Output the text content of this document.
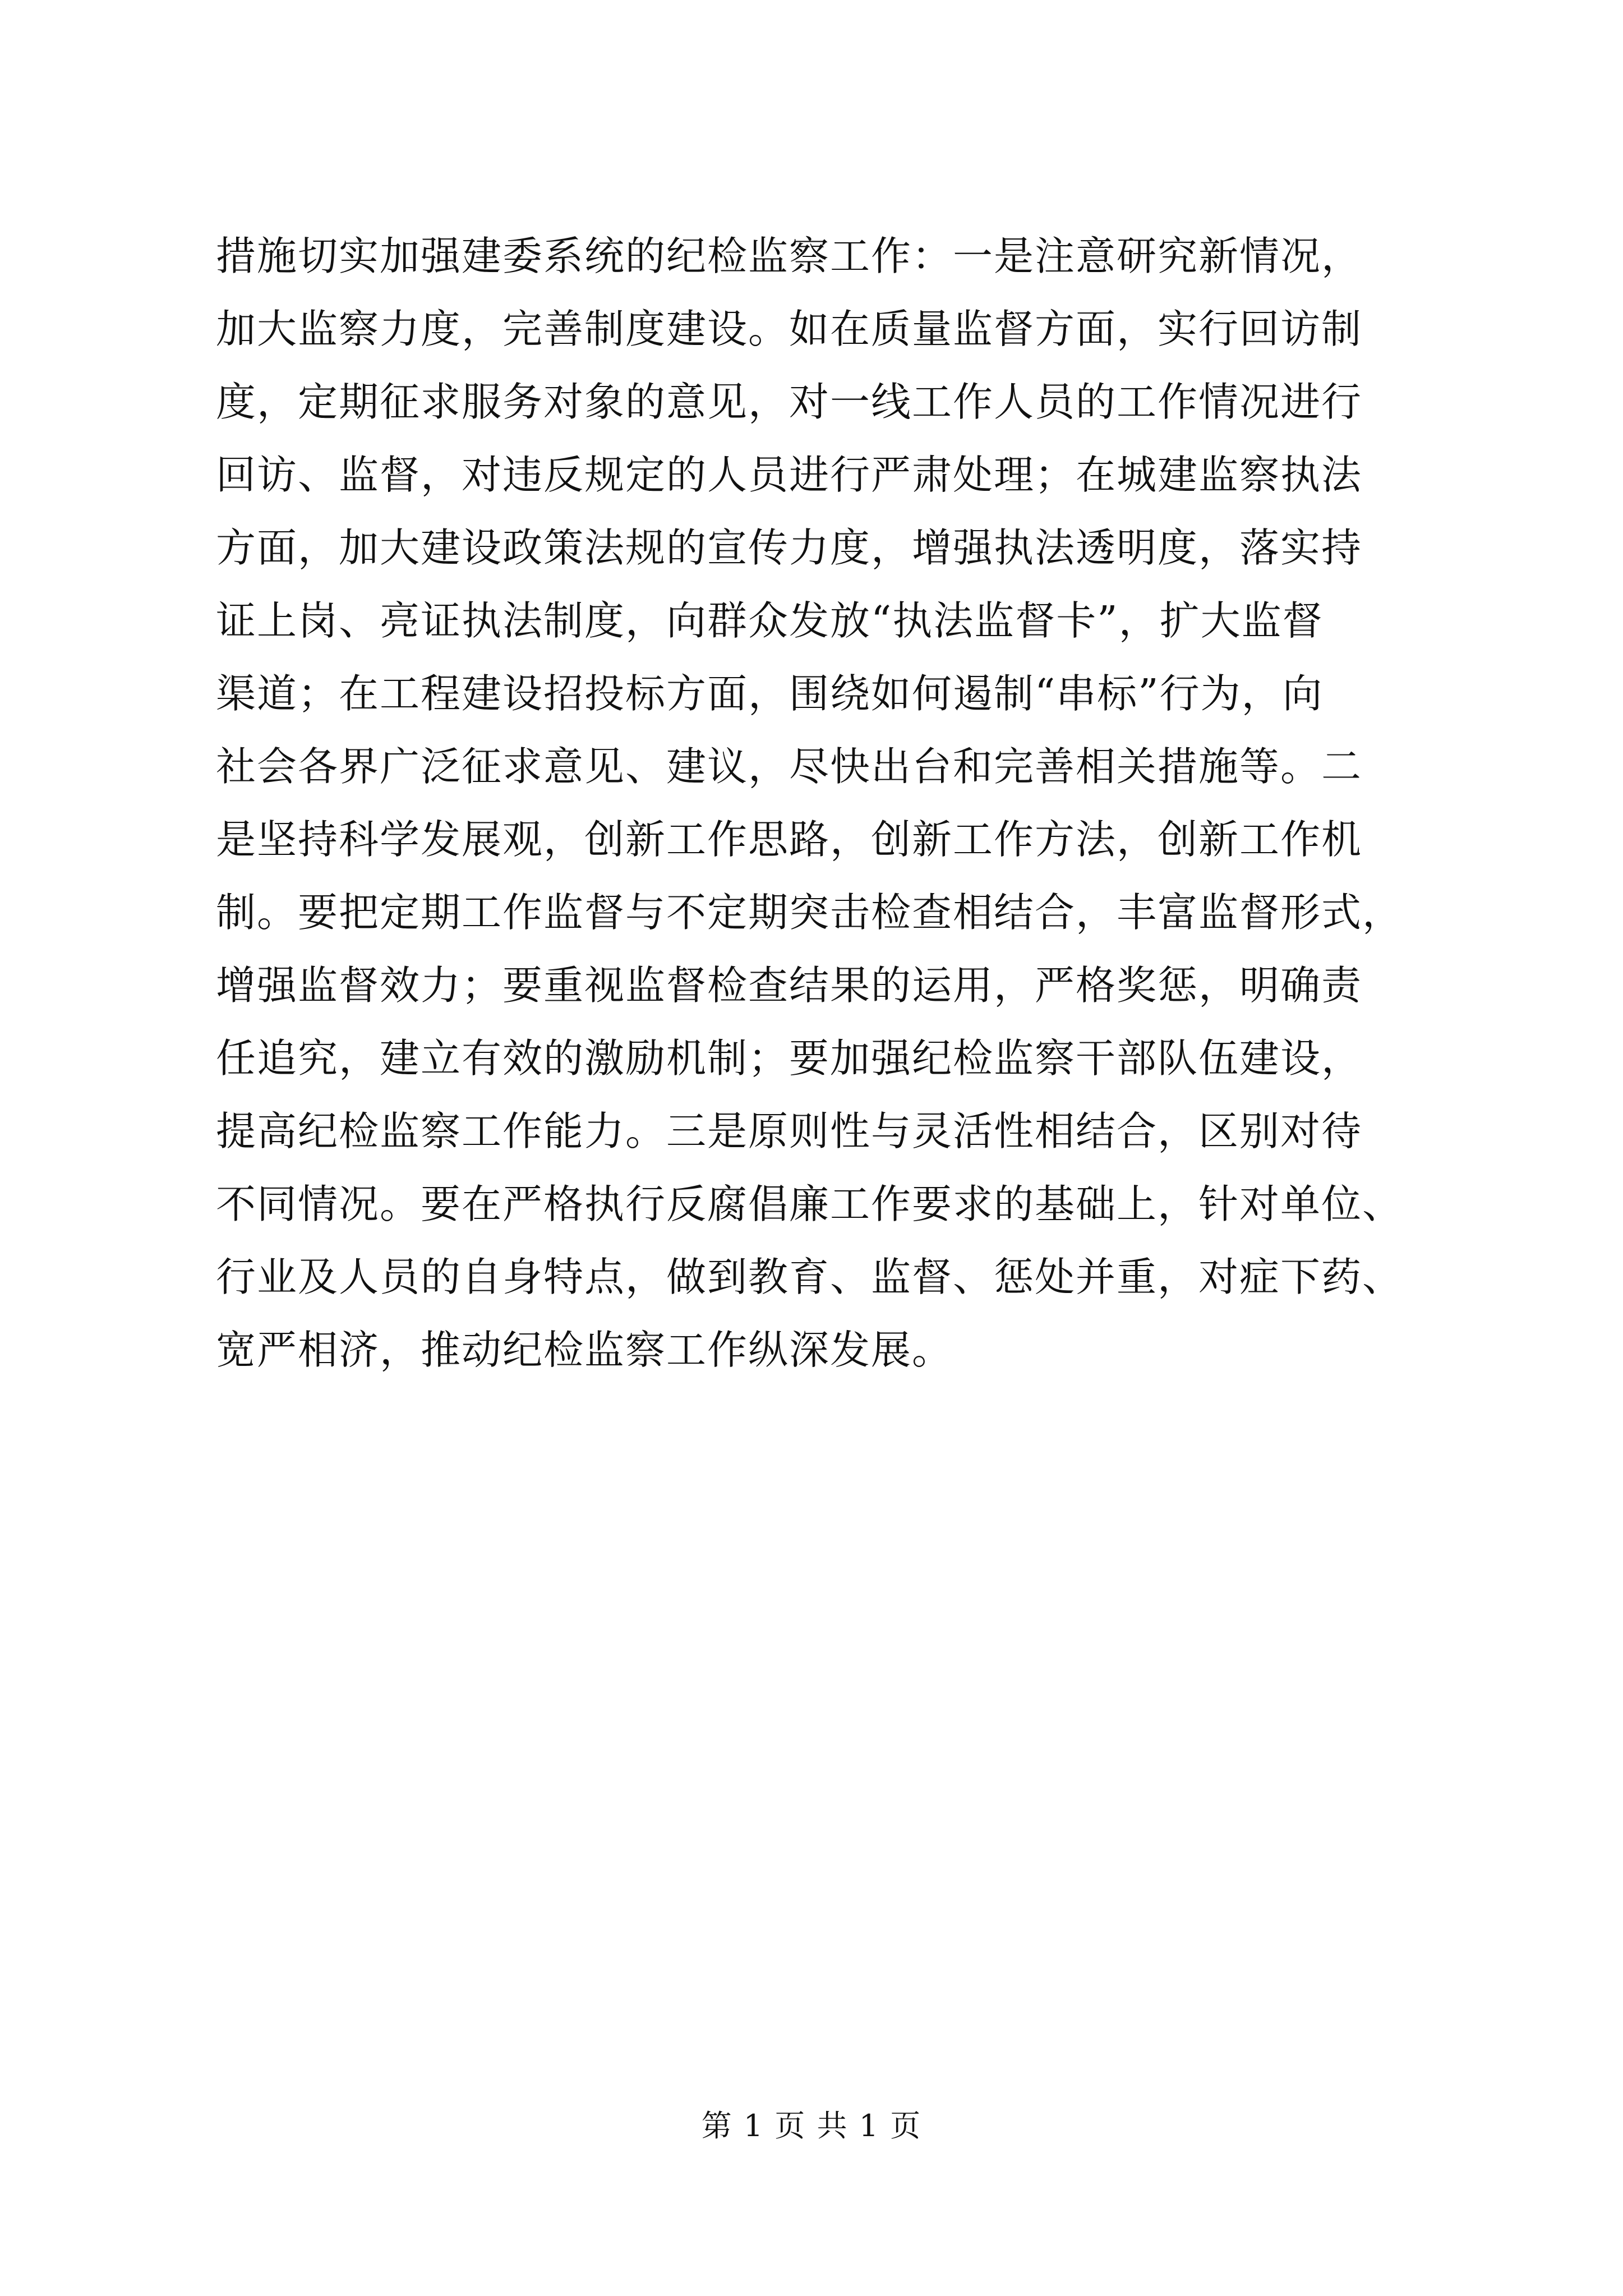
措施切实加强建委系统的纪检监察工作：一是注意研究新情况，
加大监察力度，完善制度建设。如在质量监督方面，实行回访制
度，定期征求服务对象的意见，对一线工作人员的工作情况进行
回访、监督，对违反规定的人员进行严肃处理；在城建监察执法
方面，加大建设政策法规的宣传力度，增强执法透明度，落实持
证上岗、亮证执法制度，向群众发放“执法监督卡”，扩大监督
渠道；在工程建设招投标方面，围绕如何遏制“串标”行为，向
社会各界广泛征求意见、建议，尽快出台和完善相关措施等。二
是坚持科学发展观，创新工作思路，创新工作方法，创新工作机
制。要把定期工作监督与不定期突击检查相结合，丰富监督形式，
增强监督效力；要重视监督检查结果的运用，严格奖惩，明确责
任追究，建立有效的激励机制；要加强纪检监察干部队伍建设，
提高纪检监察工作能力。三是原则性与灵活性相结合，区别对待
不同情况。要在严格执行反腐倡廉工作要求的基础上，针对单位、
行业及人员的自身特点，做到教育、监督、惩处并重，对症下药、
宽严相济，推动纪检监察工作纵深发展。
第 1 页 共 1 页
